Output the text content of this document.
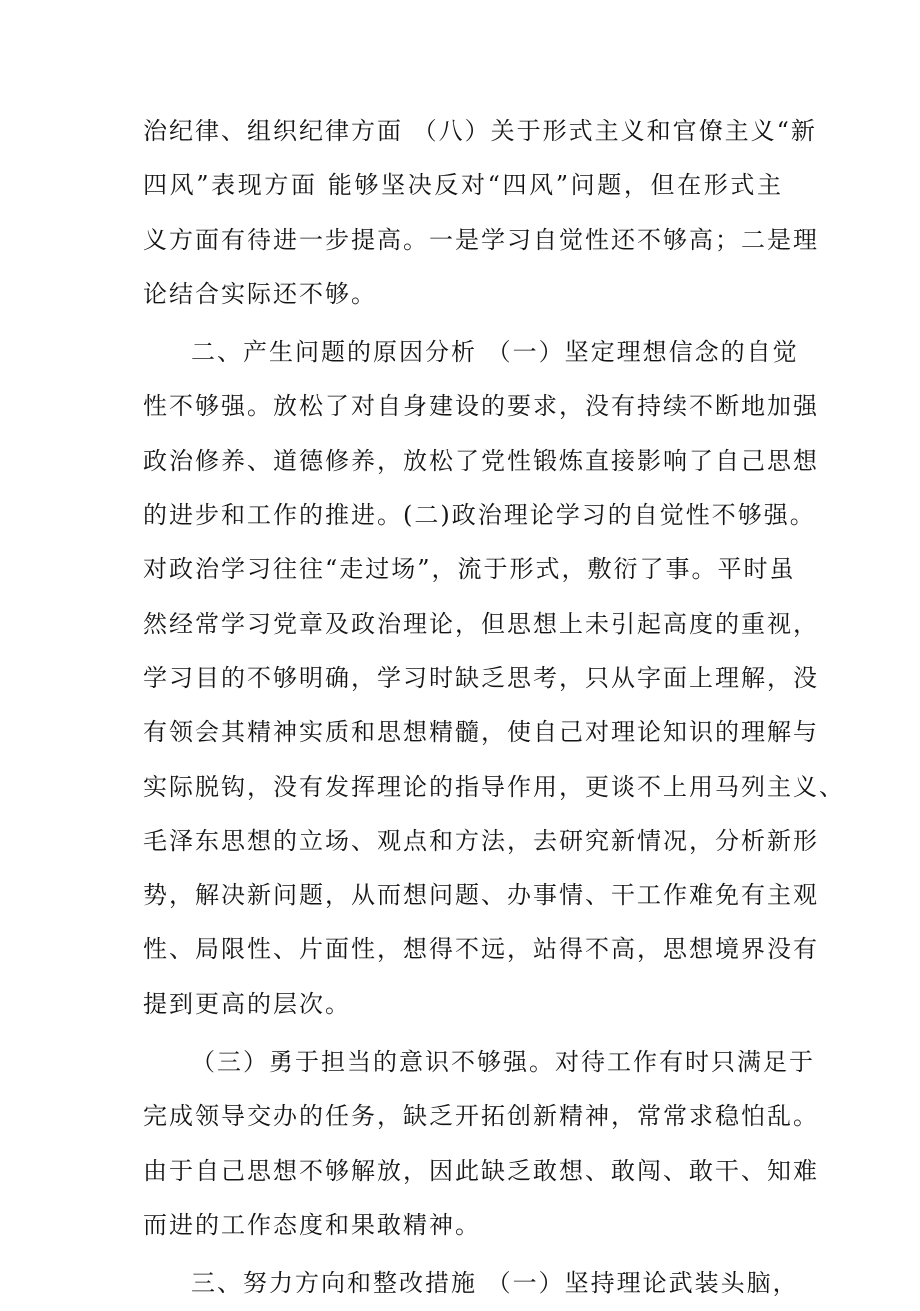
治纪律、组织纪律方面 （八）关于形式主义和官僚主义“新
四风”表现方面 能够坚决反对“四风”问题，但在形式主
义方面有待进一步提高。一是学习自觉性还不够高；二是理
论结合实际还不够。
二、产生问题的原因分析 （一）坚定理想信念的自觉
性不够强。放松了对自身建设的要求，没有持续不断地加强
政治修养、道德修养，放松了党性锻炼直接影响了自己思想
的进步和工作的推进。(二)政治理论学习的自觉性不够强。
对政治学习往往“走过场”，流于形式，敷衍了事。平时虽
然经常学习党章及政治理论，但思想上未引起高度的重视，
学习目的不够明确，学习时缺乏思考，只从字面上理解，没
有领会其精神实质和思想精髓，使自己对理论知识的理解与
实际脱钩，没有发挥理论的指导作用，更谈不上用马列主义、
毛泽东思想的立场、观点和方法，去研究新情况，分析新形
势，解决新问题，从而想问题、办事情、干工作难免有主观
性、局限性、片面性，想得不远，站得不高，思想境界没有
提到更高的层次。
（三）勇于担当的意识不够强。对待工作有时只满足于
完成领导交办的任务，缺乏开拓创新精神，常常求稳怕乱。
由于自己思想不够解放，因此缺乏敢想、敢闯、敢干、知难
而进的工作态度和果敢精神。
三、努力方向和整改措施 （一）坚持理论武装头脑，
